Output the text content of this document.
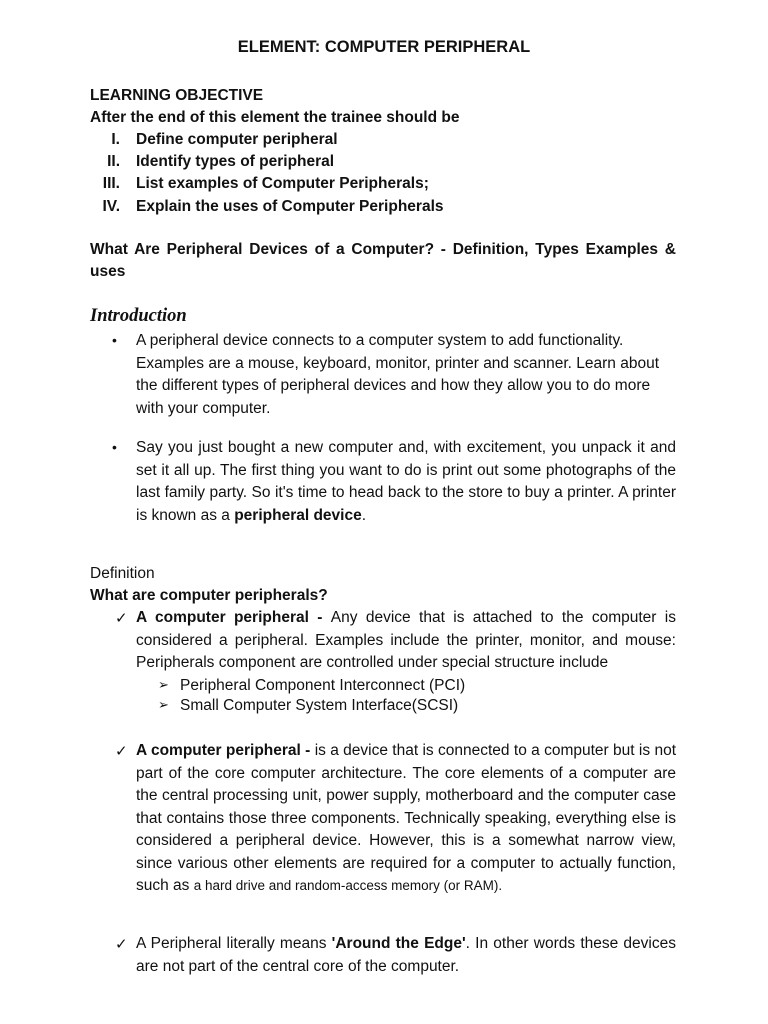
ELEMENT: COMPUTER PERIPHERAL
LEARNING OBJECTIVE
After the end of this element the trainee should be
I. Define computer peripheral
II. Identify types of peripheral
III. List examples of Computer Peripherals;
IV. Explain the uses of Computer Peripherals
What Are Peripheral Devices of a Computer? - Definition, Types Examples & uses
Introduction
• A peripheral device connects to a computer system to add functionality. Examples are a mouse, keyboard, monitor, printer and scanner. Learn about the different types of peripheral devices and how they allow you to do more with your computer.
• Say you just bought a new computer and, with excitement, you unpack it and set it all up. The first thing you want to do is print out some photographs of the last family party. So it's time to head back to the store to buy a printer. A printer is known as a peripheral device.
Definition
What are computer peripherals?
✓ A computer peripheral - Any device that is attached to the computer is considered a peripheral. Examples include the printer, monitor, and mouse: Peripherals component are controlled under special structure include
➢ Peripheral Component Interconnect (PCI)
➢ Small Computer System Interface(SCSI)
✓ A computer peripheral - is a device that is connected to a computer but is not part of the core computer architecture. The core elements of a computer are the central processing unit, power supply, motherboard and the computer case that contains those three components. Technically speaking, everything else is considered a peripheral device. However, this is a somewhat narrow view, since various other elements are required for a computer to actually function, such as a hard drive and random-access memory (or RAM).
✓ A Peripheral literally means 'Around the Edge'. In other words these devices are not part of the central core of the computer.
